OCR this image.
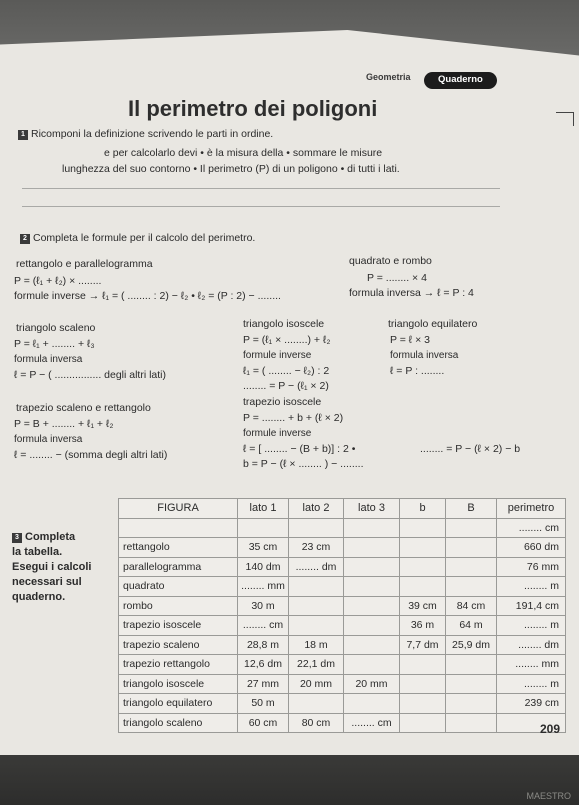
MAESTRO
Geometria	Quaderno
Il perimetro dei poligoni
1 Ricomponi la definizione scrivendo le parti in ordine.
e per calcolarlo devi • è la misura della • sommare le misure
lunghezza del suo contorno • Il perimetro (P) di un poligono • di tutti i lati.
2 Completa le formule per il calcolo del perimetro.
rettangolo e parallelogramma
P = (ℓ₁ + ℓ₂) × ........
formule inverse → ℓ₁ = ( ........ : 2) − ℓ₂ • ℓ₂ = (P : 2) − ........
quadrato e rombo
P = ........ × 4
formula inversa → ℓ = P : 4
triangolo scaleno
P = ℓ₁ + ........ + ℓ₃
formula inversa
ℓ = P − ( ................ degli altri lati)
triangolo isoscele
P = (ℓ₁ × ........) + ℓ₂
formule inverse
ℓ₁ = ( ........ − ℓ₂) : 2
........ = P − (ℓ₁ × 2)
triangolo equilatero
P = ℓ × 3
formula inversa
ℓ = P : ........
trapezio scaleno e rettangolo
P = B + ........ + ℓ₁ + ℓ₂
formula inversa
ℓ = ........ − (somma degli altri lati)
trapezio isoscele
P = ........ + b + (ℓ × 2)
formule inverse
ℓ = [ ........ − (B + b)] : 2 •	........ = P − (ℓ × 2) − b
b = P − (ℓ × ........ ) − ........
3 Completa
la tabella.
Esegui i calcoli
necessari sul
quaderno.
FIGURA	lato 1	lato 2	lato 3	b	B	perimetro
						........ cm
rettangolo	35 cm	23 cm				660 dm
parallelogramma	140 dm	........ dm				76 mm
quadrato	........ mm					........ m
rombo	30 m			39 cm	84 cm	191,4 cm
trapezio isoscele	........ cm			36 m	64 m	........ m
trapezio scaleno	28,8 m	18 m		7,7 dm	25,9 dm	........ dm
trapezio rettangolo	12,6 dm	22,1 dm				........ mm
triangolo isoscele	27 mm	20 mm	20 mm			........ m
triangolo equilatero	50 m					239 cm
triangolo scaleno	60 cm	80 cm	........ cm				209
